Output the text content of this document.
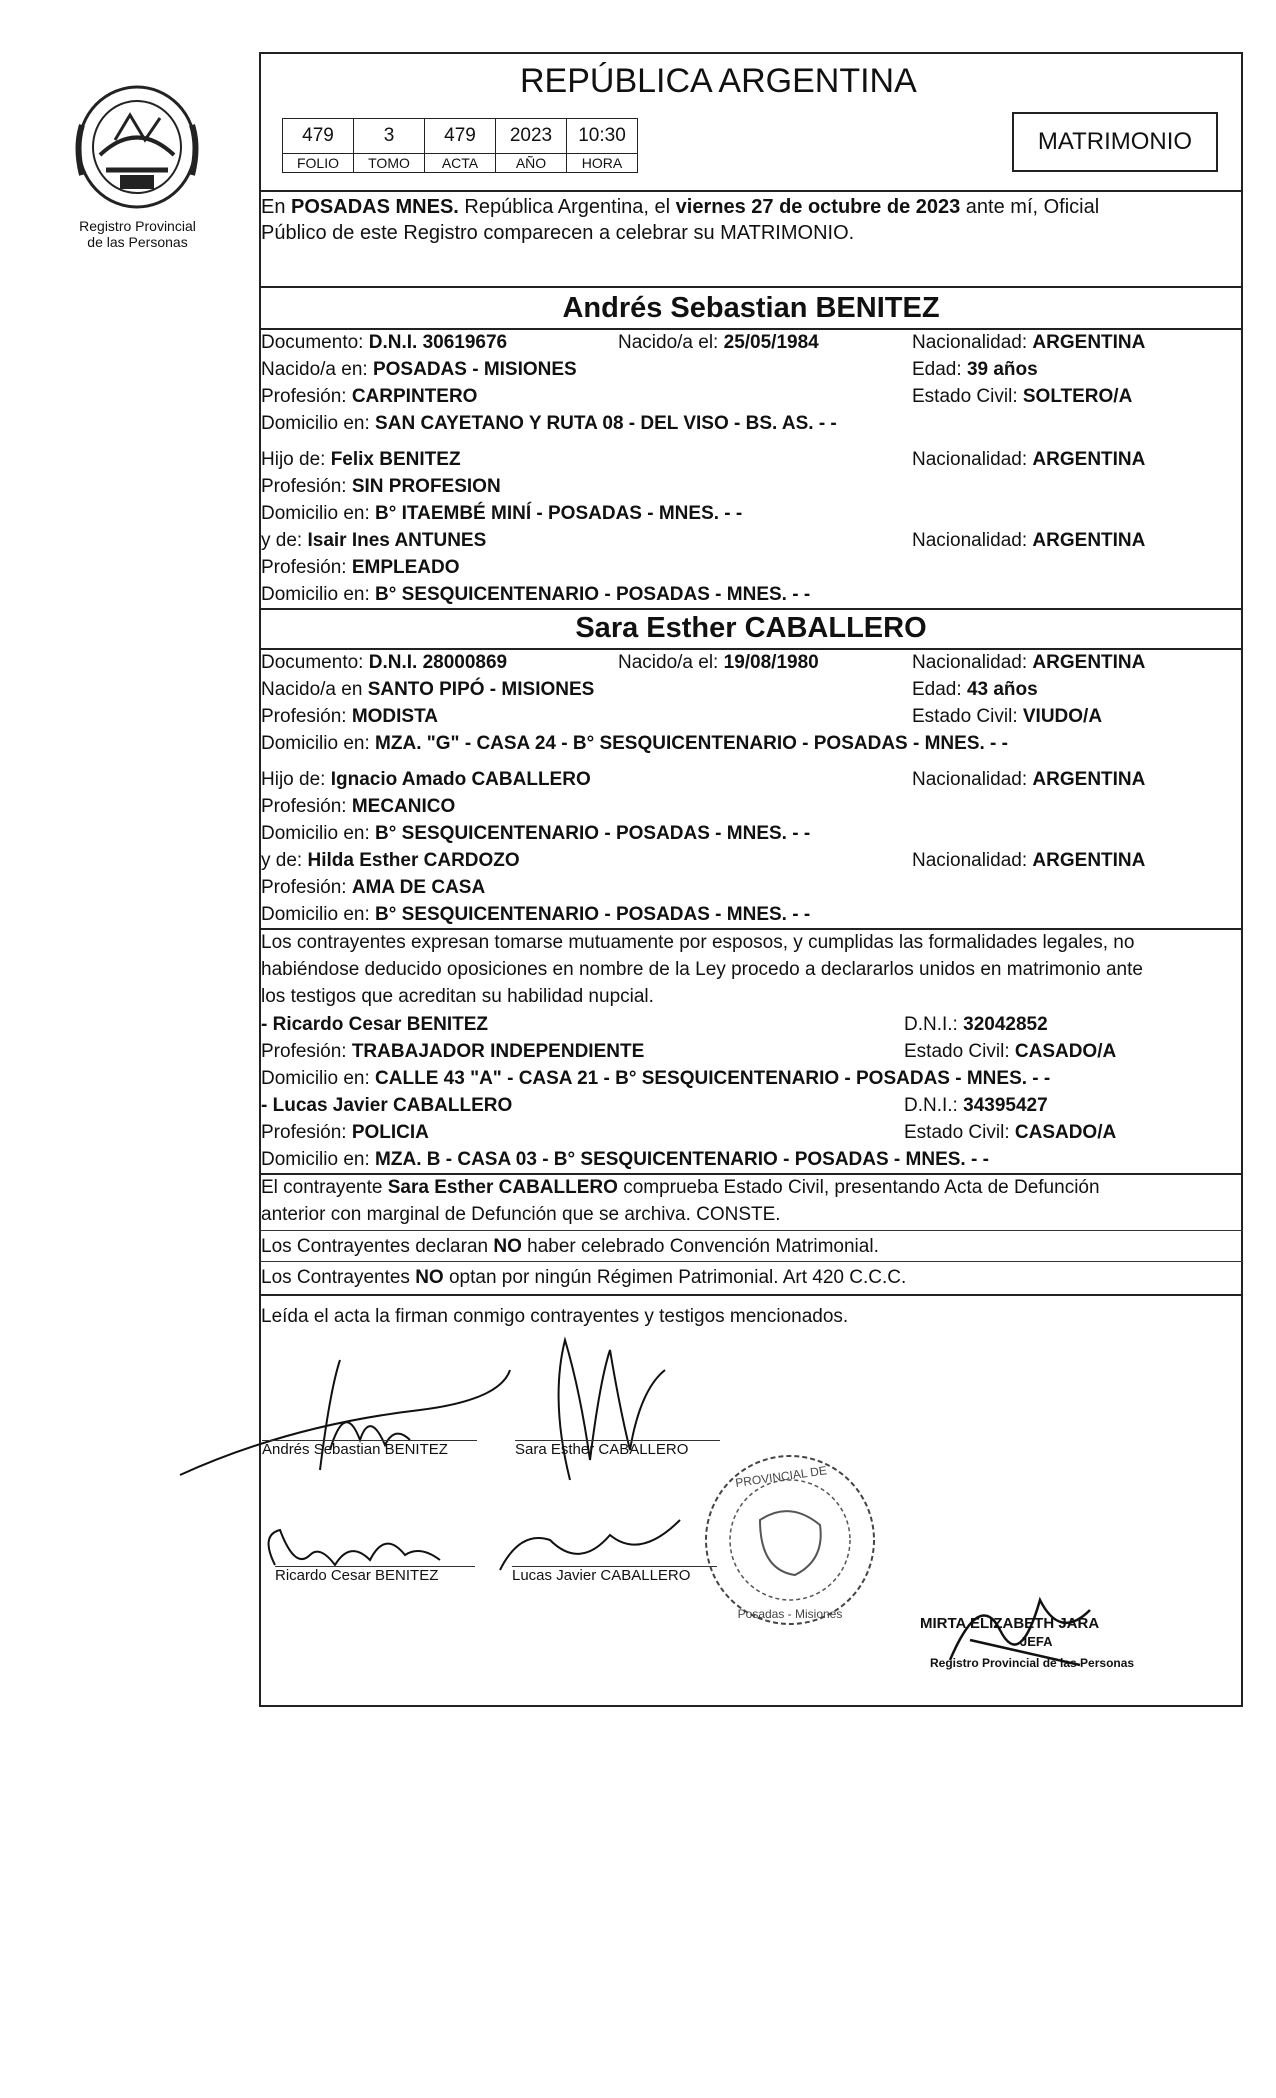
Registro Provincial
de las Personas
REPÚBLICA ARGENTINA
479	3	479	2023	10:30
FOLIO	TOMO	ACTA	AÑO	HORA
MATRIMONIO
En POSADAS MNES. República Argentina, el viernes 27 de octubre de 2023 ante mí, Oficial
Público de este Registro comparecen a celebrar su MATRIMONIO.
Andrés Sebastian BENITEZ
Documento: D.N.I. 30619676	Nacido/a el: 25/05/1984	Nacionalidad: ARGENTINA
Nacido/a en: POSADAS - MISIONES	Edad: 39 años
Profesión: CARPINTERO	Estado Civil: SOLTERO/A
Domicilio en: SAN CAYETANO Y RUTA 08 - DEL VISO - BS. AS. - -
Hijo de: Felix BENITEZ	Nacionalidad: ARGENTINA
Profesión: SIN PROFESION
Domicilio en: B° ITAEMBÉ MINÍ - POSADAS - MNES. - -
y de: Isair Ines ANTUNES	Nacionalidad: ARGENTINA
Profesión: EMPLEADO
Domicilio en: B° SESQUICENTENARIO - POSADAS - MNES. - -
Sara Esther CABALLERO
Documento: D.N.I. 28000869	Nacido/a el: 19/08/1980	Nacionalidad: ARGENTINA
Nacido/a en SANTO PIPÓ - MISIONES	Edad: 43 años
Profesión: MODISTA	Estado Civil: VIUDO/A
Domicilio en: MZA. "G" - CASA 24 - B° SESQUICENTENARIO - POSADAS - MNES. - -
Hijo de: Ignacio Amado CABALLERO	Nacionalidad: ARGENTINA
Profesión: MECANICO
Domicilio en: B° SESQUICENTENARIO - POSADAS - MNES. - -
y de: Hilda Esther CARDOZO	Nacionalidad: ARGENTINA
Profesión: AMA DE CASA
Domicilio en: B° SESQUICENTENARIO - POSADAS - MNES. - -
Los contrayentes expresan tomarse mutuamente por esposos, y cumplidas las formalidades legales, no
habiéndose deducido oposiciones en nombre de la Ley procedo a declararlos unidos en matrimonio ante
los testigos que acreditan su habilidad nupcial.
- Ricardo Cesar BENITEZ	D.N.I.: 32042852
Profesión: TRABAJADOR INDEPENDIENTE	Estado Civil: CASADO/A
Domicilio en: CALLE 43 "A" - CASA 21 - B° SESQUICENTENARIO - POSADAS - MNES. - -
- Lucas Javier CABALLERO	D.N.I.: 34395427
Profesión: POLICIA	Estado Civil: CASADO/A
Domicilio en: MZA. B - CASA 03 - B° SESQUICENTENARIO - POSADAS - MNES. - -
El contrayente Sara Esther CABALLERO comprueba Estado Civil, presentando Acta de Defunción
anterior con marginal de Defunción que se archiva. CONSTE.
Los Contrayentes declaran NO haber celebrado Convención Matrimonial.
Los Contrayentes NO optan por ningún Régimen Patrimonial. Art 420 C.C.C.
Leída el acta la firman conmigo contrayentes y testigos mencionados.
Andrés Sebastian BENITEZ	Sara Esther CABALLERO
Ricardo Cesar BENITEZ	Lucas Javier CABALLERO
PROVINCIAL DE
Posadas - Misiones
MIRTA ELIZABETH JARA
JEFA
Registro Provincial de las Personas
